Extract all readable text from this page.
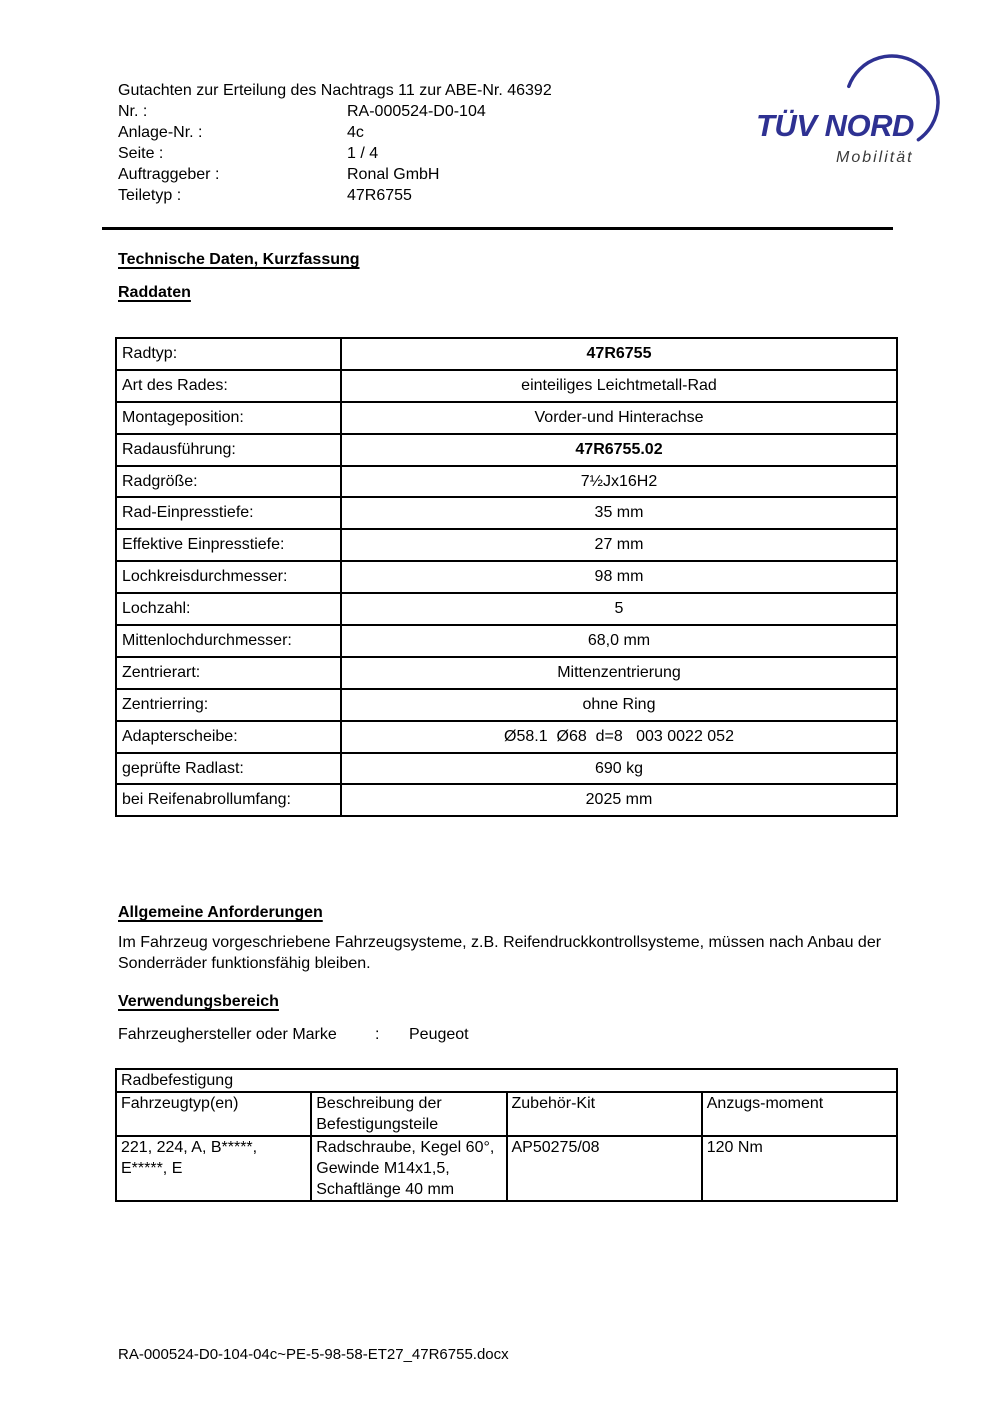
Gutachten zur Erteilung des Nachtrags 11 zur ABE-Nr. 46392
Nr. :	RA-000524-D0-104
Anlage-Nr. :	4c
Seite :	1 / 4
Auftraggeber :	Ronal GmbH
Teiletyp :	47R6755
TÜV NORD
Mobilität
Technische Daten, Kurzfassung
Raddaten
Radtyp:	47R6755
Art des Rades:	einteiliges Leichtmetall-Rad
Montageposition:	Vorder-und Hinterachse
Radausführung:	47R6755.02
Radgröße:	7½Jx16H2
Rad-Einpresstiefe:	35 mm
Effektive Einpresstiefe:	27 mm
Lochkreisdurchmesser:	98 mm
Lochzahl:	5
Mittenlochdurchmesser:	68,0 mm
Zentrierart:	Mittenzentrierung
Zentrierring:	ohne Ring
Adapterscheibe:	Ø58.1  Ø68  d=8   003 0022 052
geprüfte Radlast:	690 kg
bei Reifenabrollumfang:	2025 mm
Allgemeine Anforderungen
Im Fahrzeug vorgeschriebene Fahrzeugsysteme, z.B. Reifendruckkontrollsysteme, müssen nach Anbau der Sonderräder funktionsfähig bleiben.
Verwendungsbereich
Fahrzeughersteller oder Marke	:	Peugeot
Radbefestigung			
Fahrzeugtyp(en)	Beschreibung der Befestigungsteile	Zubehör-Kit	Anzugs-moment
221, 224, A, B*****, E*****, E	Radschraube, Kegel 60°, Gewinde M14x1,5, Schaftlänge 40 mm	AP50275/08	120 Nm
RA-000524-D0-104-04c~PE-5-98-58-ET27_47R6755.docx
